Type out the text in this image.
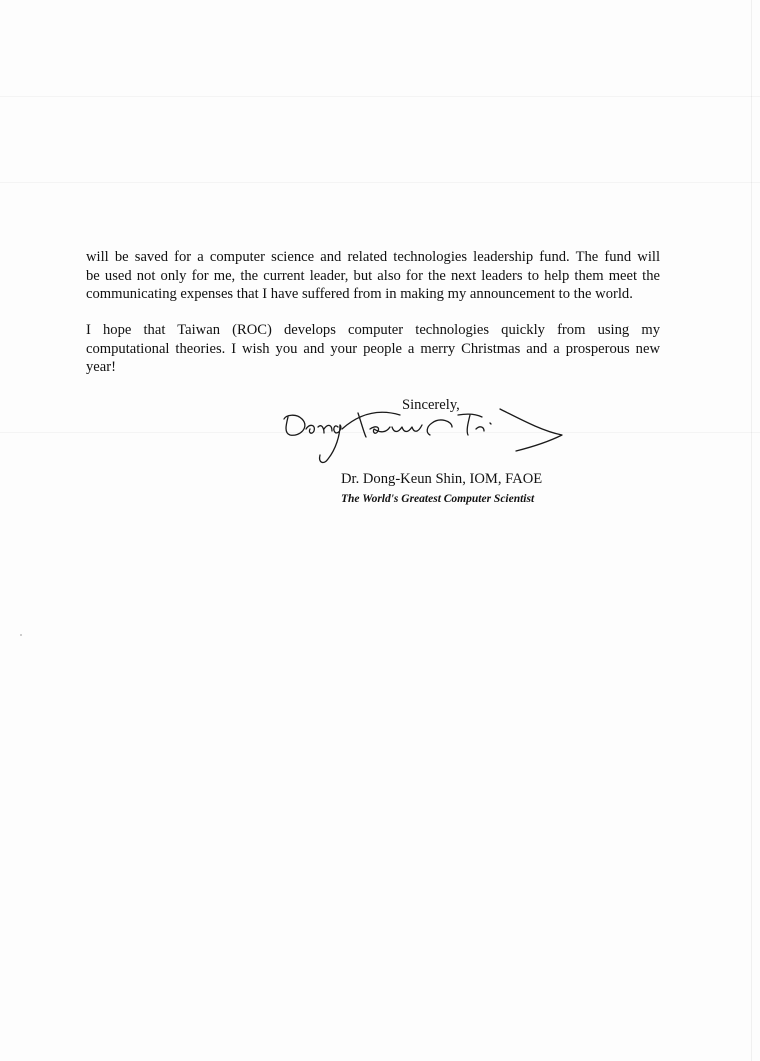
will be saved for a computer science and related technologies leadership fund. The fund will
be used not only for me, the current leader, but also for the next leaders to help them meet the
communicating expenses that I have suffered from in making my announcement to the world.
I hope that Taiwan (ROC) develops computer technologies quickly from using my
computational theories. I wish you and your people a merry Christmas and a prosperous new
year!
Sincerely,
Dr. Dong-Keun Shin, IOM, FAOE
The World's Greatest Computer Scientist
